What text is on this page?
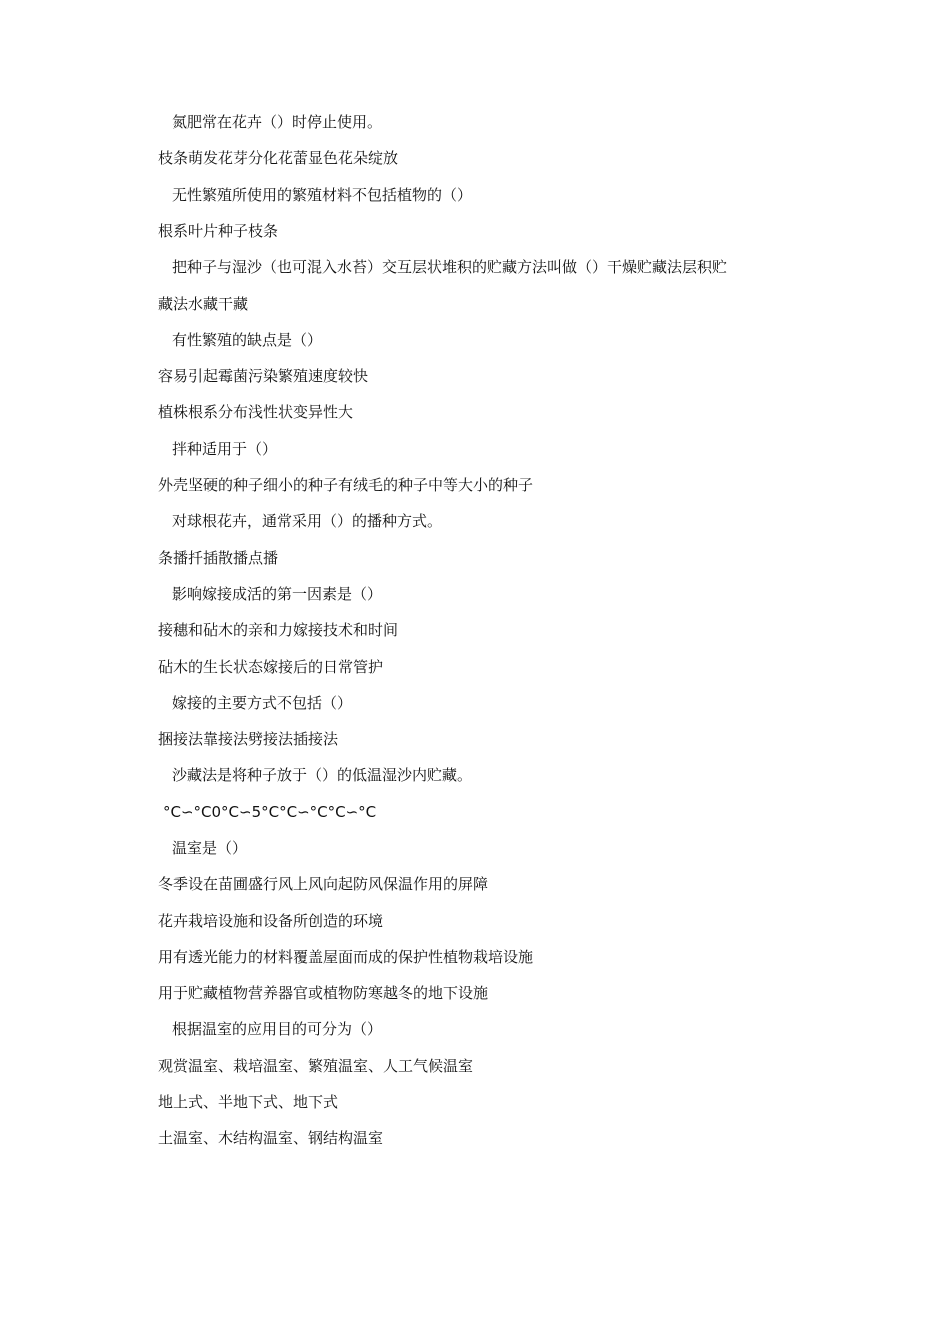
氮肥常在花卉（）时停止使用。
枝条萌发花芽分化花蕾显色花朵绽放
无性繁殖所使用的繁殖材料不包括植物的（）
根系叶片种子枝条
把种子与湿沙（也可混入水苔）交互层状堆积的贮藏方法叫做（）干燥贮藏法层积贮
藏法水藏干藏
有性繁殖的缺点是（）
容易引起霉菌污染繁殖速度较快
植株根系分布浅性状变异性大
拌种适用于（）
外壳坚硬的种子细小的种子有绒毛的种子中等大小的种子
对球根花卉，通常采用（）的播种方式。
条播扦插散播点播
影响嫁接成活的第一因素是（）
接穗和砧木的亲和力嫁接技术和时间
砧木的生长状态嫁接后的日常管护
嫁接的主要方式不包括（）
捆接法靠接法劈接法插接法
沙藏法是将种子放于（）的低温湿沙内贮藏。
°C∽°C0°C∽5°C°C∽°C°C∽°C
温室是（）
冬季设在苗圃盛行风上风向起防风保温作用的屏障
花卉栽培设施和设备所创造的环境
用有透光能力的材料覆盖屋面而成的保护性植物栽培设施
用于贮藏植物营养器官或植物防寒越冬的地下设施
根据温室的应用目的可分为（）
观赏温室、栽培温室、繁殖温室、人工气候温室
地上式、半地下式、地下式
土温室、木结构温室、钢结构温室
